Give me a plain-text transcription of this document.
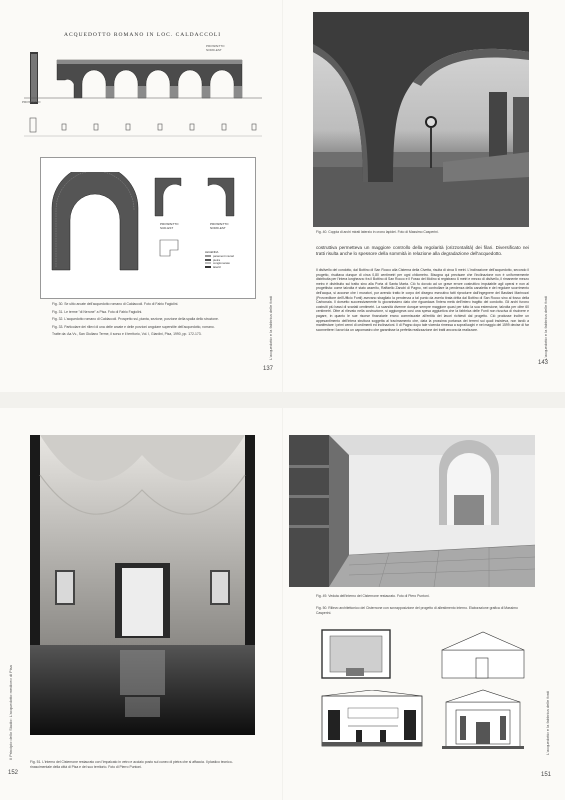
ACQUEDOTTO ROMANO IN LOC. CALDACCOLI
PROSPETTO
NORD-EST
PROSPETTO
PROSPETTO
SUD-EST
PROSPETTO
NORD-EST
LEGENDA
paramenti murari
pietra
conglomerato
laterizi
Fig. 30. Se ultio arcate dell'acquedotto romano di Caldaccoli. Foto di Fabio Fagiolini.
Fig. 31. Le terme "di Nerone" a Pisa. Foto di Fabio Fagiolini.
Fig. 32. L'acquedotto romano di Caldaccoli. Prospetto ssl, pianta, sezione, porzione della spalla dello struzione.
Fig. 33. Particolare dei rilievi di una delle arcate e delle porzioni angolare superstite dell'acquedotto, romano.
Tratte da: Aa.Vv., San Giuliano Terme, il sorso e il territorio, Vol. I, Giardini, Pisa, 1990, pp. 172-173.	L'acquedotto e la fabbrica delle fonti
137
Fig. 40. Coppia di archi mirati laterzio in crono lapidei. Foto di Massimo Casperini.
costruttiva permetteva un maggiore controllo della regolarità (orizzontalità) dei filari. Diversificato nei tratti risulta anche lo spessore della sommità in relazione alla degradazione dell'acquedotto.
Il dislivello del condotto, dal Bottino di San Rocco alla Cisterna della Civetta, risulta di circa 5 metri. L'inclinazione dell'acquedotto, secondo il progetto, risultava dunque di circa 0,80 centimetri per ogni chilometro. Bisogna qui precisare che l'inclinazione non è uniformemente distribuita per l'intera lunghezza: fra il Bottino di San Rocco e il Fosso del Molino si registrano 6 metri e mezzo di dislivello, il rimanente mezzo metro è distribuito sul tratto sino alla Porta di Santa Marta. Ciò fu dovuto ad un grave errore costruttivo imputabile agli operai e non al progettista: come talvolta è stato asserito, Raffaello Zanobi di Pagno, nel controllare la pendenza della canaletta e del regolare scorrimento dell'acqua, si accorse che i muratori, pur avendo tratto le corpo del disegno esecutivo fatti riprodurre dall'ingegnere del Bastiani Marinozzi (Provveditore dell'Ufficio Fonti) avevano sbagliato la pendenza a tal punto da averla tirata dritta dal Bottino di San Rocco sino al fosso della Carbonaia. Il dorsetto successivamente fu giovanissimo dato che riguardava l'intera metà dell'intero tragitto del condotto. Gli archi furono costruiti più bassi di svariati centimetri. La scarsità divenne dunque sempre maggiore quasi per tutto la sua estensione, talvolta per oltre 60 centimetri. Oltre al rilevato nella costruzione, si aggiungeva così una spesa aggiuntiva che la fabbrica delle Fonti non riusciva di risolvere e pagare, in quanto le sue risorse finanziarie erano commisurate all'entità dei lavori richiesti dal progetto. Ciò produsse inoltre un appesantimento dell'intera struttura soggetta al tracimamento che, data la prossima portanza dei terreni sui quali insisteva, non tardò a manifestare i primi cenni di cedimenti ed inclinazioni. Il di Pagno dopo tale vicenda rimessa a sopralluoghi e nel maggio del 1599 decise di far sconnettere i lavori da un capomastro che garantisse la perfetta realizzazione dei tratti ancora da realizzare.	L'acquedotto e la fabbrica delle fonti
143
Fig. 51. L'interno del Cisternone restaurato con l'impalcato in vetro e acciaio posto sul cuneo di pietra che si affaccia. Il plastico tecnico-rinascimentale della città di Pisa e del suo territorio. Foto di Pierro Puntoni.
Il Principio dello Studio: L'acquedotto mediceo di Pisa
152
Fig. 49. Veduta dell'interno del Cisternone restaurato. Foto di Piero Puntoni.
Fig. 50. Rilievo architettonico del Cisternone con sovrapposizione del progetto di allestimento interno. Elaborazione grafica di Massimo Casperini.
L'acquedotto e la fabbrica delle fonti
151
